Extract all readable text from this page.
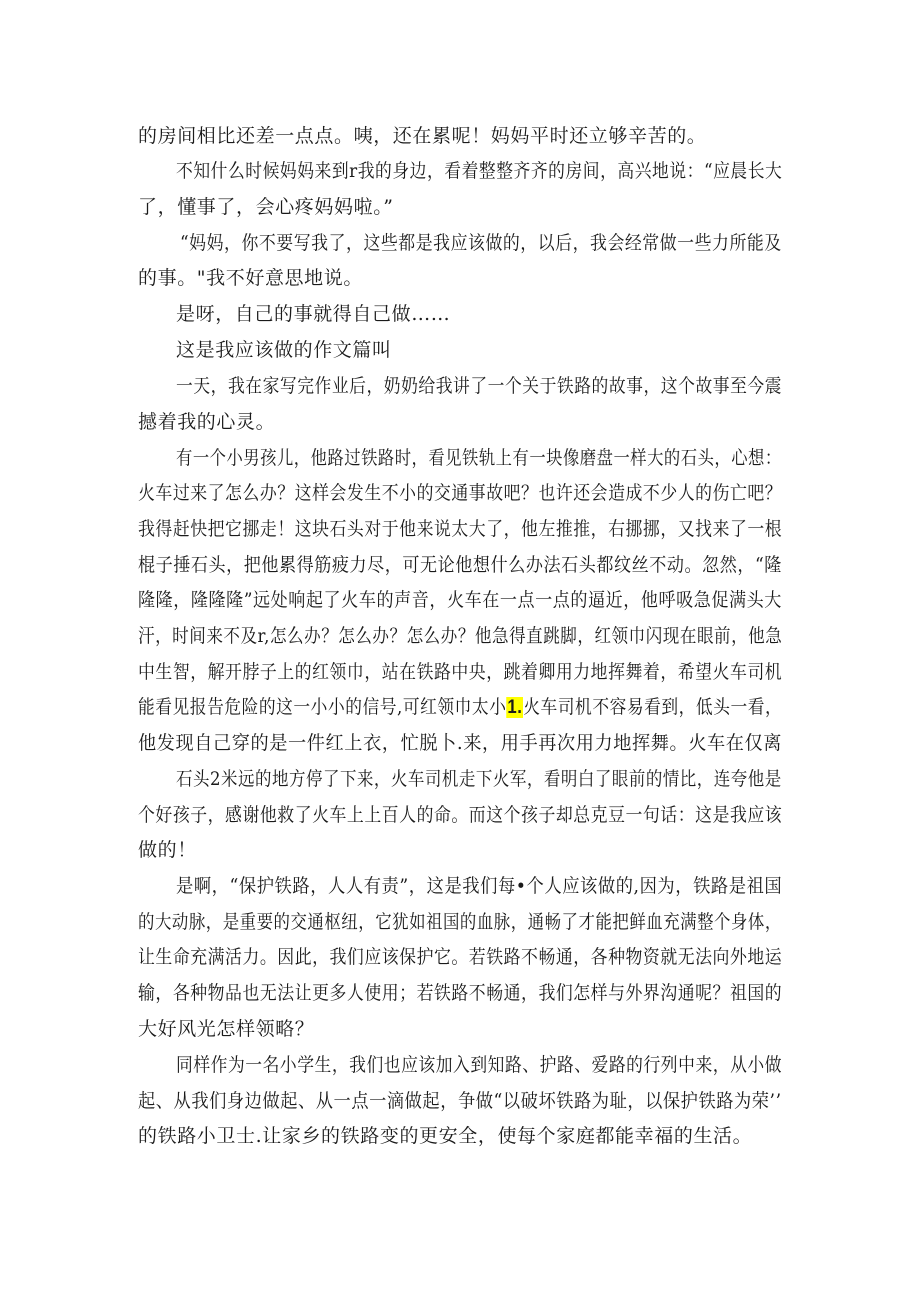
的房间相比还差一点点。咦，还在累呢！妈妈平时还立够辛苦的。
不知什么时候妈妈来到r我的身边，看着整整齐齐的房间，高兴地说：“应晨长大
了，懂事了，会心疼妈妈啦。”
“妈妈，你不要写我了，这些都是我应该做的，以后，我会经常做一些力所能及
的事。"我不好意思地说。
是呀，自己的事就得自己做……
这是我应该做的作文篇叫
一天，我在家写完作业后，奶奶给我讲了一个关于铁路的故事，这个故事至今震
撼着我的心灵。
有一个小男孩儿，他路过铁路时，看见铁轨上有一块像磨盘一样大的石头，心想：
火车过来了怎么办？这样会发生不小的交通事故吧？也许还会造成不少人的伤亡吧？
我得赶快把它挪走！这块石头对于他来说太大了，他左推推，右挪挪，又找来了一根
棍子捶石头，把他累得筋疲力尽，可无论他想什么办法石头都纹丝不动。忽然，“隆
隆隆，隆隆隆”远处响起了火车的声音，火车在一点一点的逼近，他呼吸急促满头大
汗，时间来不及r,怎么办？怎么办？怎么办？他急得直跳脚，红领巾闪现在眼前，他急
中生智，解开脖子上的红领巾，站在铁路中央，跳着卿用力地挥舞着，希望火车司机
能看见报告危险的这一小小的信号,可红领巾太小1.火车司机不容易看到，低头一看，
他发现自己穿的是一件红上衣，忙脱卜.来，用手再次用力地挥舞。火车在仅离
石头2米远的地方停了下来，火车司机走下火军，看明白了眼前的情比，连夸他是
个好孩子，感谢他救了火车上上百人的命。而这个孩子却总克豆一句话：这是我应该
做的！
是啊，“保护铁路，人人有责”，这是我们每•个人应该做的,因为，铁路是祖国
的大动脉，是重要的交通枢纽，它犹如祖国的血脉，通畅了才能把鲜血充满整个身体，
让生命充满活力。因此，我们应该保护它。若铁路不畅通，各种物资就无法向外地运
输，各种物品也无法让更多人使用；若铁路不畅通，我们怎样与外界沟通呢？祖国的
大好风光怎样领略？
同样作为一名小学生，我们也应该加入到知路、护路、爱路的行列中来，从小做
起、从我们身边做起、从一点一滴做起，争做“以破坏铁路为耻，以保护铁路为荣’’
的铁路小卫士.让家乡的铁路变的更安全，使每个家庭都能幸福的生活。
